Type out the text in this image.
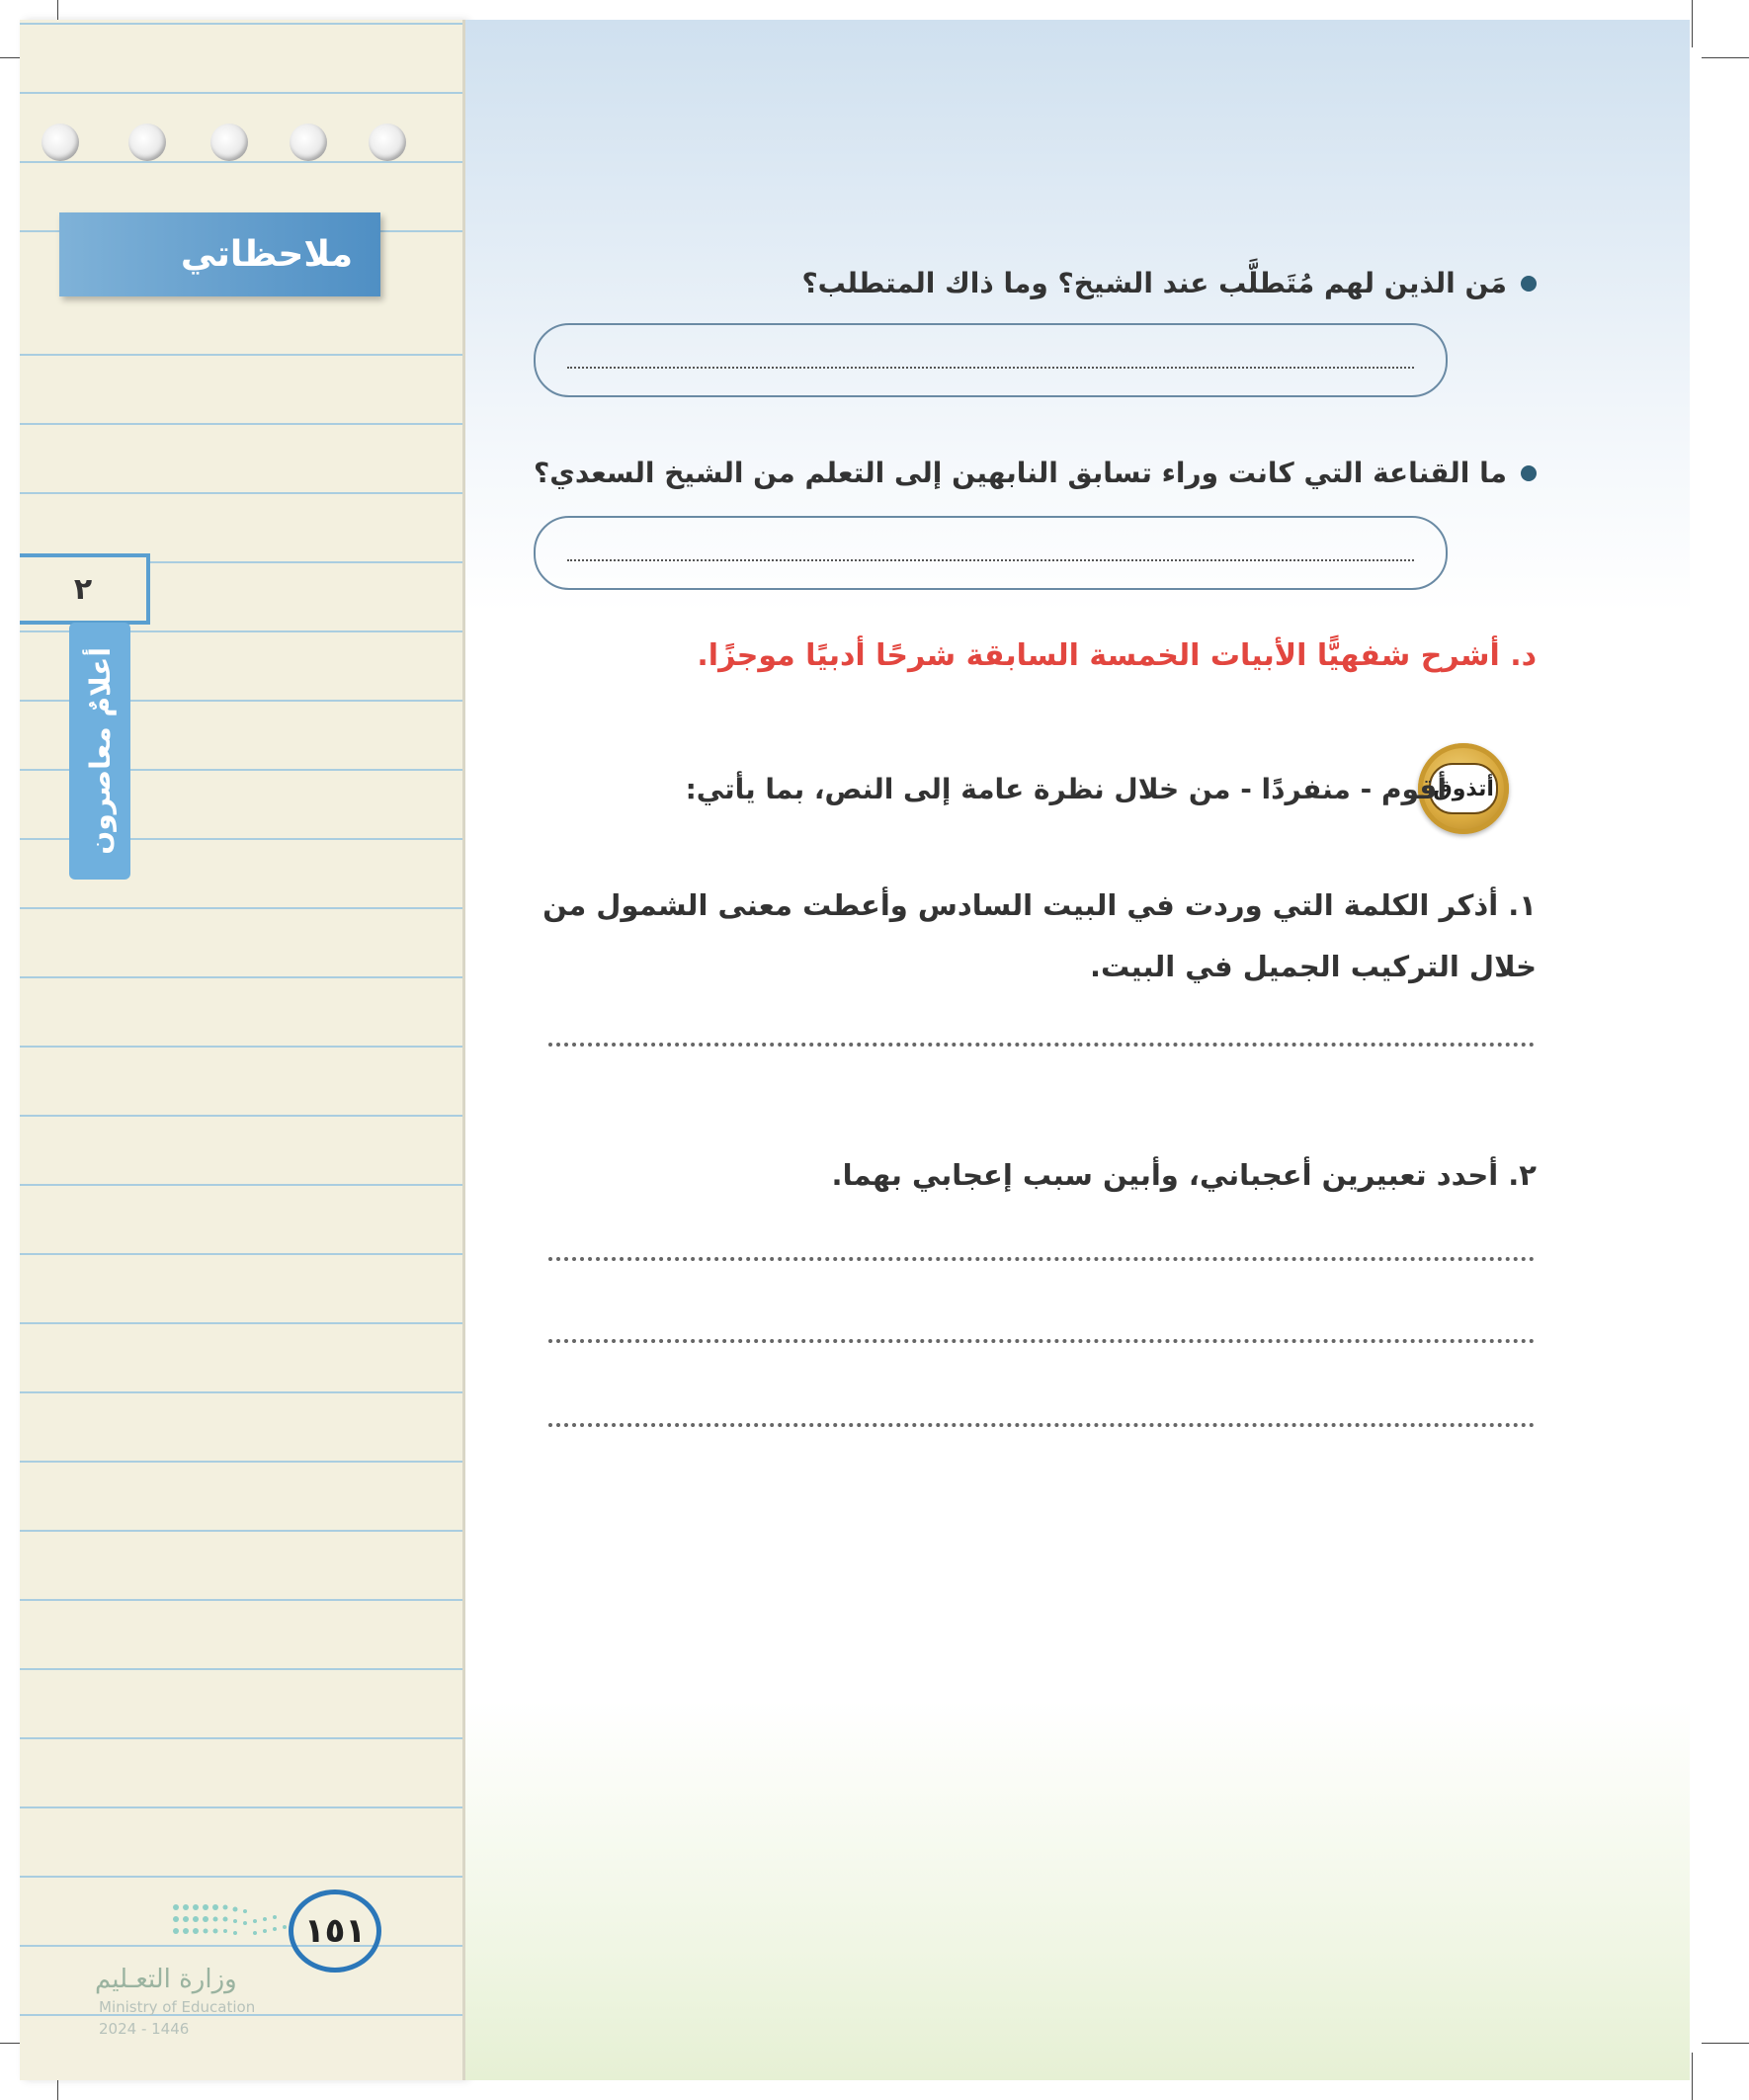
ملاحظاتي
٢
أعلامٌ معاصرون
١٥١
وزارة التعـليم
Ministry of Education
2024 - 1446
مَن الذين لهم مُتَطلَّب عند الشيخ؟ وما ذاك المتطلب؟
ما القناعة التي كانت وراء تسابق النابهين إلى التعلم من الشيخ السعدي؟
د. أشرح شفهيًّا الأبيات الخمسة السابقة شرحًا أدبيًا موجزًا.
أتذوق
أقوم - منفردًا - من خلال نظرة عامة إلى النص، بما يأتي:
١. أذكر الكلمة التي وردت في البيت السادس وأعطت معنى الشمول من خلال التركيب الجميل في البيت.
٢. أحدد تعبيرين أعجباني، وأبين سبب إعجابي بهما.
